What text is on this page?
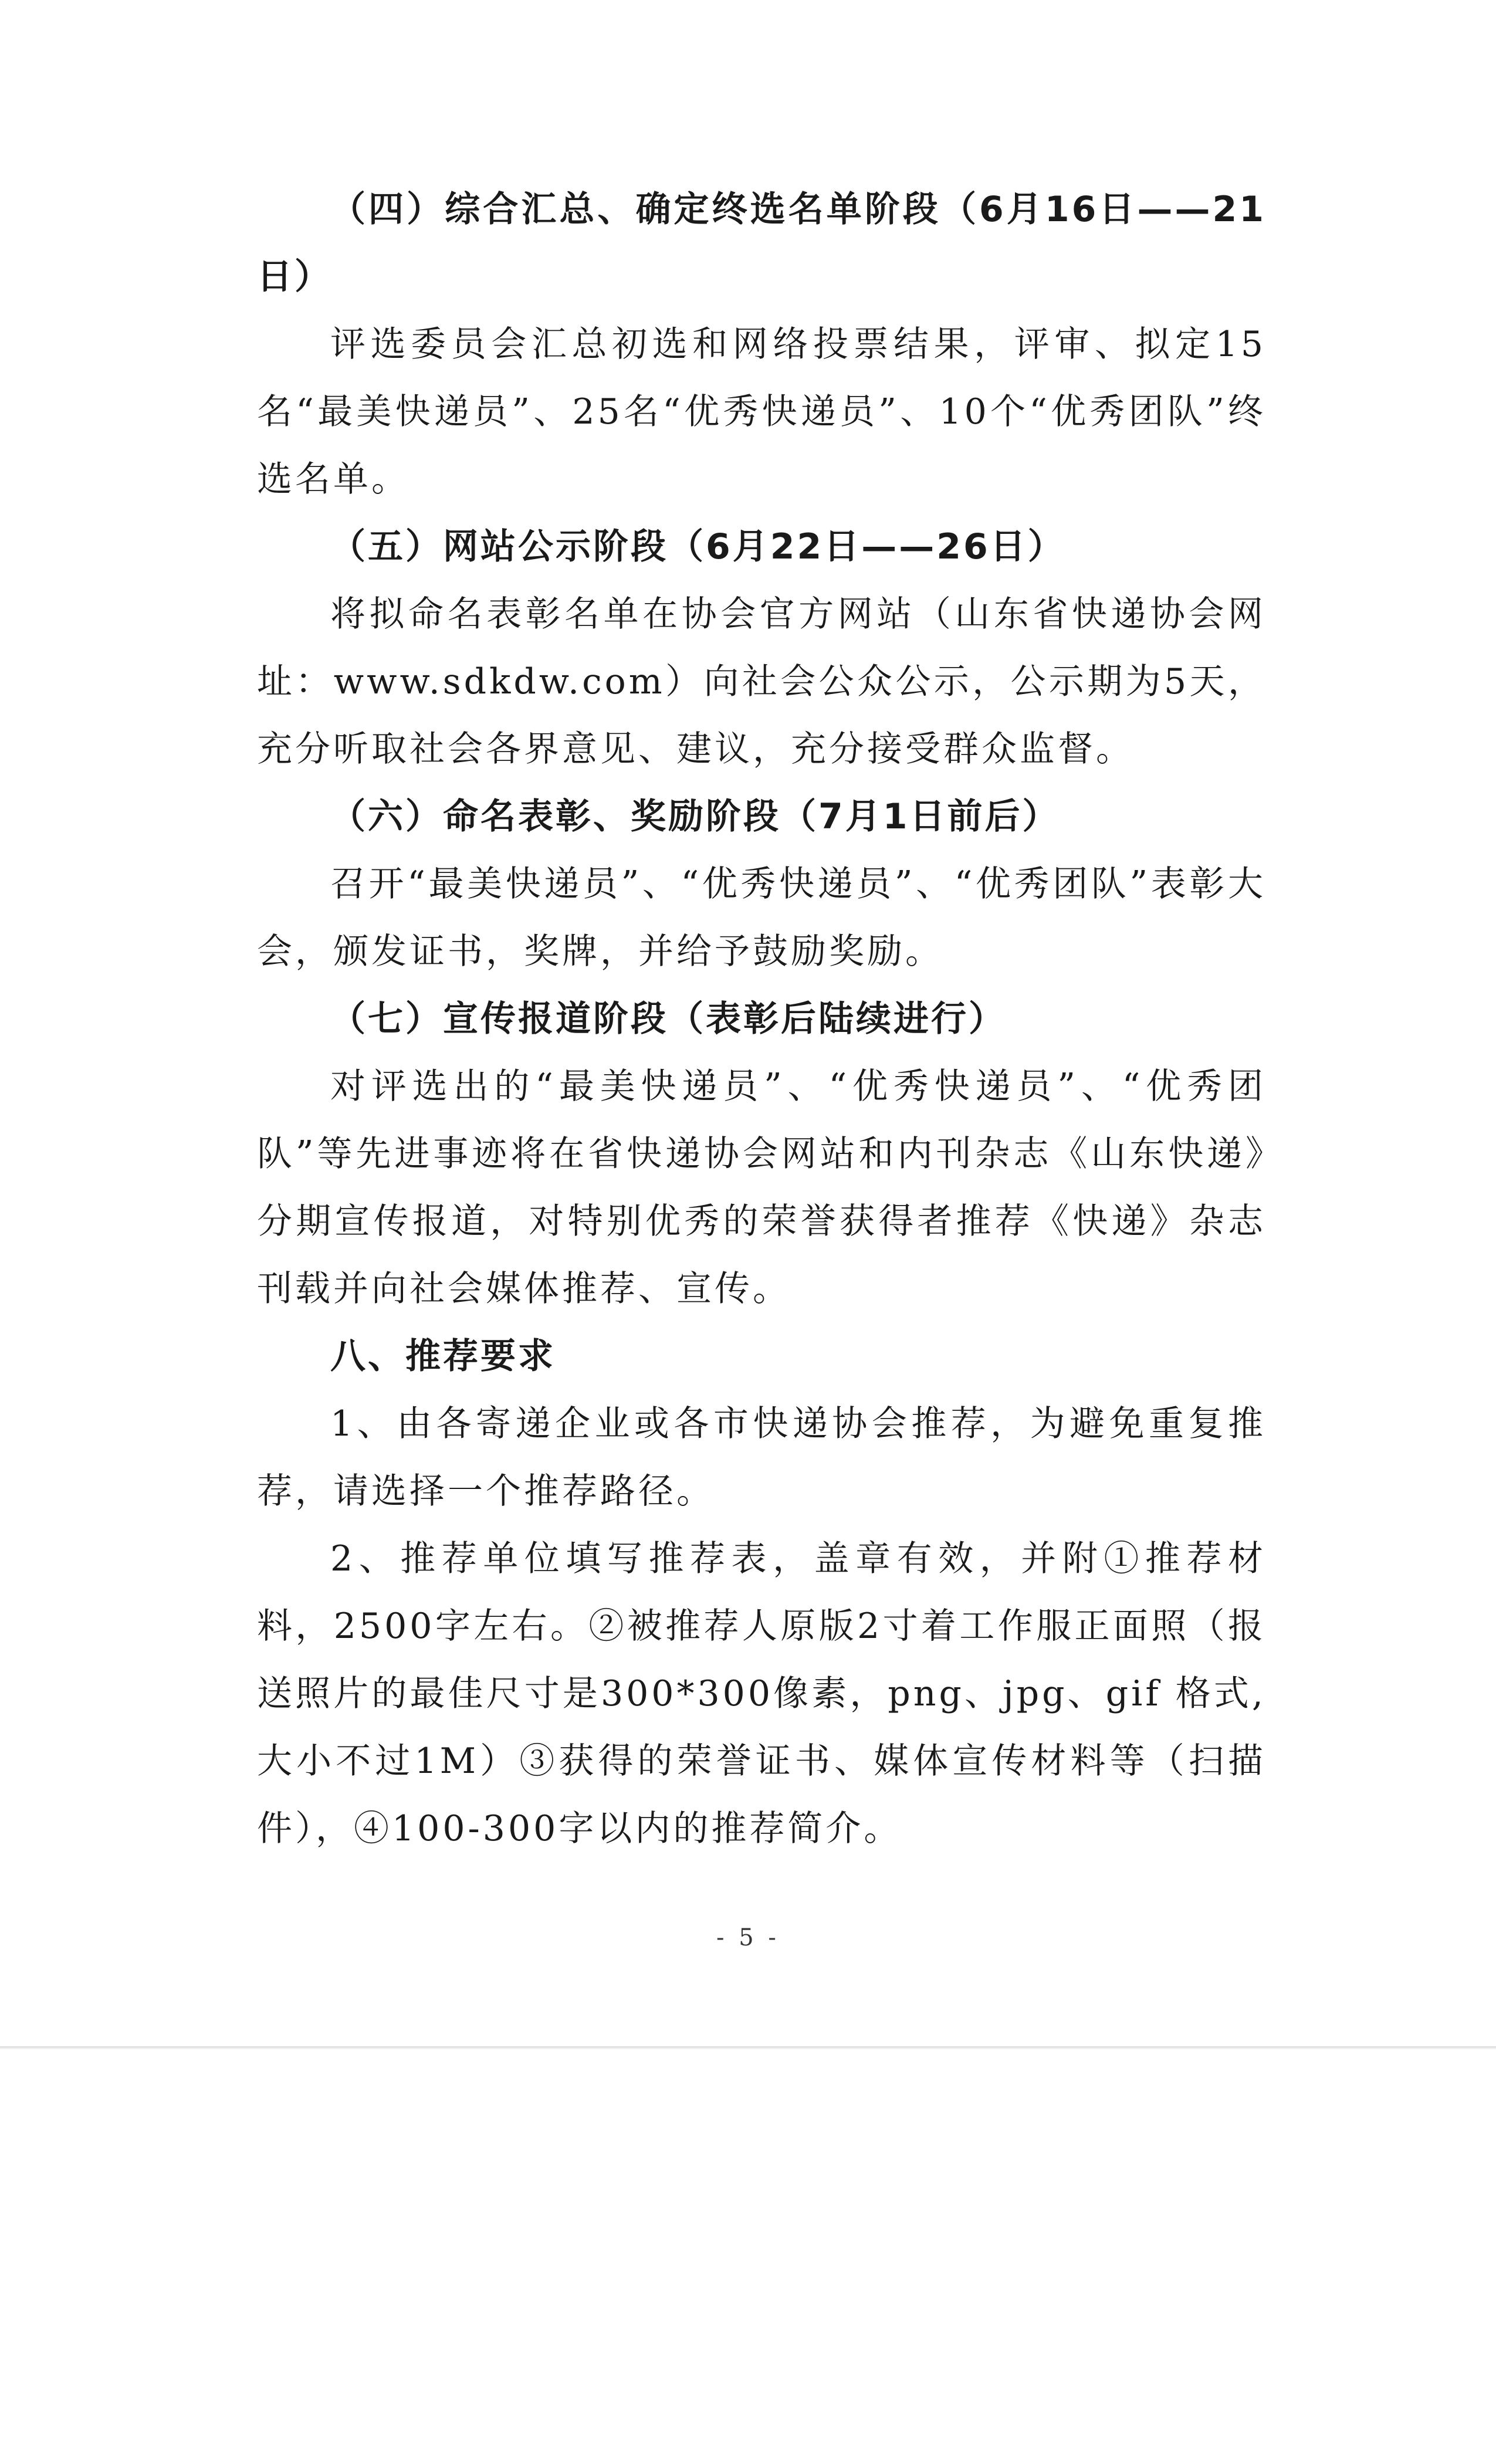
（四）综合汇总、确定终选名单阶段（6月16日——21日）

评选委员会汇总初选和网络投票结果，评审、拟定15名“最美快递员”、25名“优秀快递员”、10个“优秀团队”终选名单。

（五）网站公示阶段（6月22日——26日）

将拟命名表彰名单在协会官方网站（山东省快递协会网址：www.sdkdw.com）向社会公众公示，公示期为5天，充分听取社会各界意见、建议，充分接受群众监督。

（六）命名表彰、奖励阶段（7月1日前后）

召开“最美快递员”、“优秀快递员”、“优秀团队”表彰大会，颁发证书，奖牌，并给予鼓励奖励。

（七）宣传报道阶段（表彰后陆续进行）

对评选出的“最美快递员”、“优秀快递员”、“优秀团队”等先进事迹将在省快递协会网站和内刊杂志《山东快递》分期宣传报道，对特别优秀的荣誉获得者推荐《快递》杂志刊载并向社会媒体推荐、宣传。

八、推荐要求

1、由各寄递企业或各市快递协会推荐，为避免重复推荐，请选择一个推荐路径。

2、推荐单位填写推荐表，盖章有效，并附①推荐材料，2500字左右。②被推荐人原版2寸着工作服正面照（报送照片的最佳尺寸是300*300像素，png、jpg、gif 格式,大小不过1M）③获得的荣誉证书、媒体宣传材料等（扫描件），④100-300字以内的推荐简介。

- 5 -
